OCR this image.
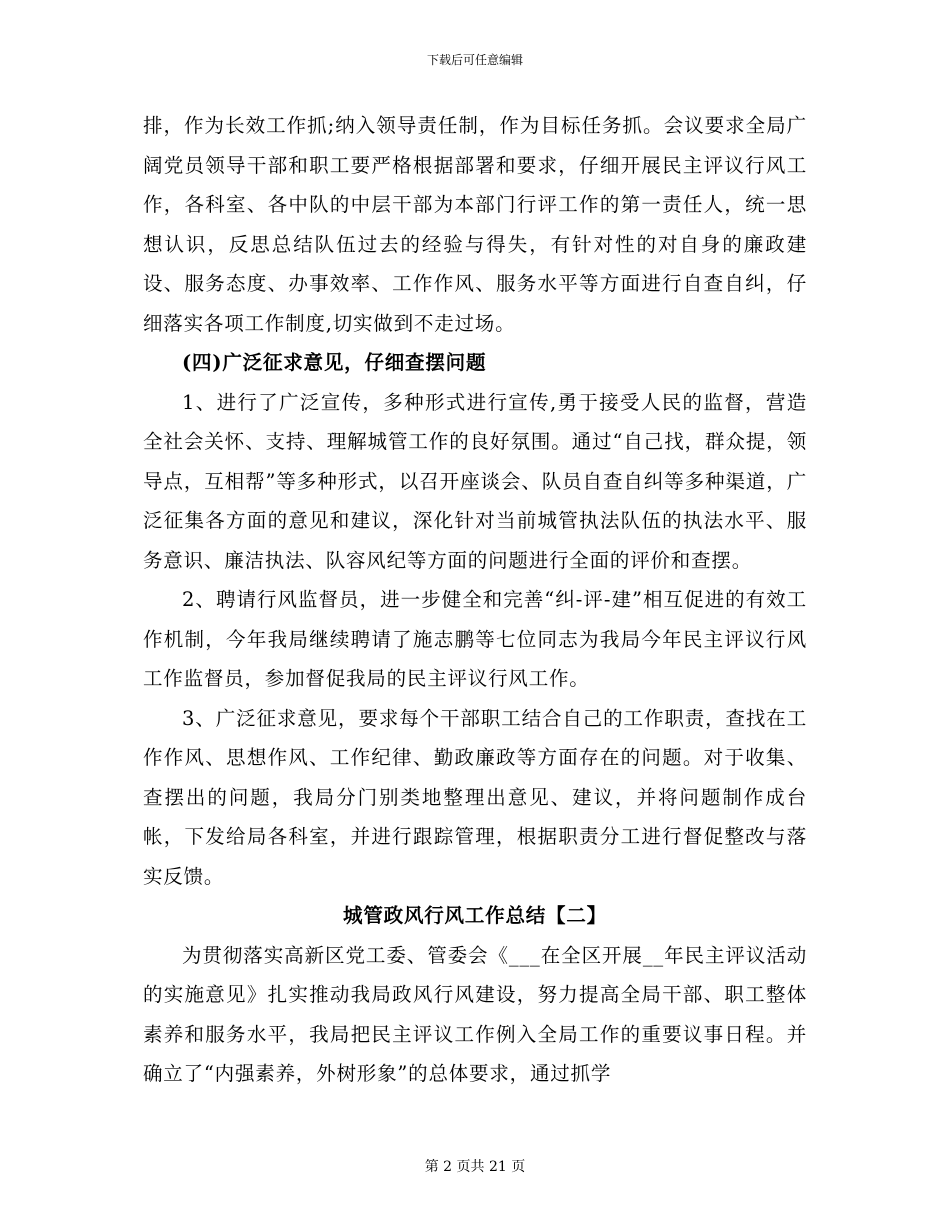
下载后可任意编辑

排，作为长效工作抓;纳入领导责任制，作为目标任务抓。会议要求全局广阔党员领导干部和职工要严格根据部署和要求，仔细开展民主评议行风工作，各科室、各中队的中层干部为本部门行评工作的第一责任人，统一思想认识，反思总结队伍过去的经验与得失，有针对性的对自身的廉政建设、服务态度、办事效率、工作作风、服务水平等方面进行自查自纠，仔细落实各项工作制度,切实做到不走过场。

(四)广泛征求意见，仔细查摆问题

1、进行了广泛宣传，多种形式进行宣传,勇于接受人民的监督，营造全社会关怀、支持、理解城管工作的良好氛围。通过“自己找，群众提，领导点，互相帮”等多种形式，以召开座谈会、队员自查自纠等多种渠道，广泛征集各方面的意见和建议，深化针对当前城管执法队伍的执法水平、服务意识、廉洁执法、队容风纪等方面的问题进行全面的评价和查摆。

2、聘请行风监督员，进一步健全和完善“纠-评-建”相互促进的有效工作机制，今年我局继续聘请了施志鹏等七位同志为我局今年民主评议行风工作监督员，参加督促我局的民主评议行风工作。

3、广泛征求意见，要求每个干部职工结合自己的工作职责，查找在工作作风、思想作风、工作纪律、勤政廉政等方面存在的问题。对于收集、查摆出的问题，我局分门别类地整理出意见、建议，并将问题制作成台帐，下发给局各科室，并进行跟踪管理，根据职责分工进行督促整改与落实反馈。

城管政风行风工作总结【二】

为贯彻落实高新区党工委、管委会《___在全区开展__年民主评议活动的实施意见》扎实推动我局政风行风建设，努力提高全局干部、职工整体素养和服务水平，我局把民主评议工作例入全局工作的重要议事日程。并确立了“内强素养，外树形象”的总体要求，通过抓学

第 2 页共 21 页
